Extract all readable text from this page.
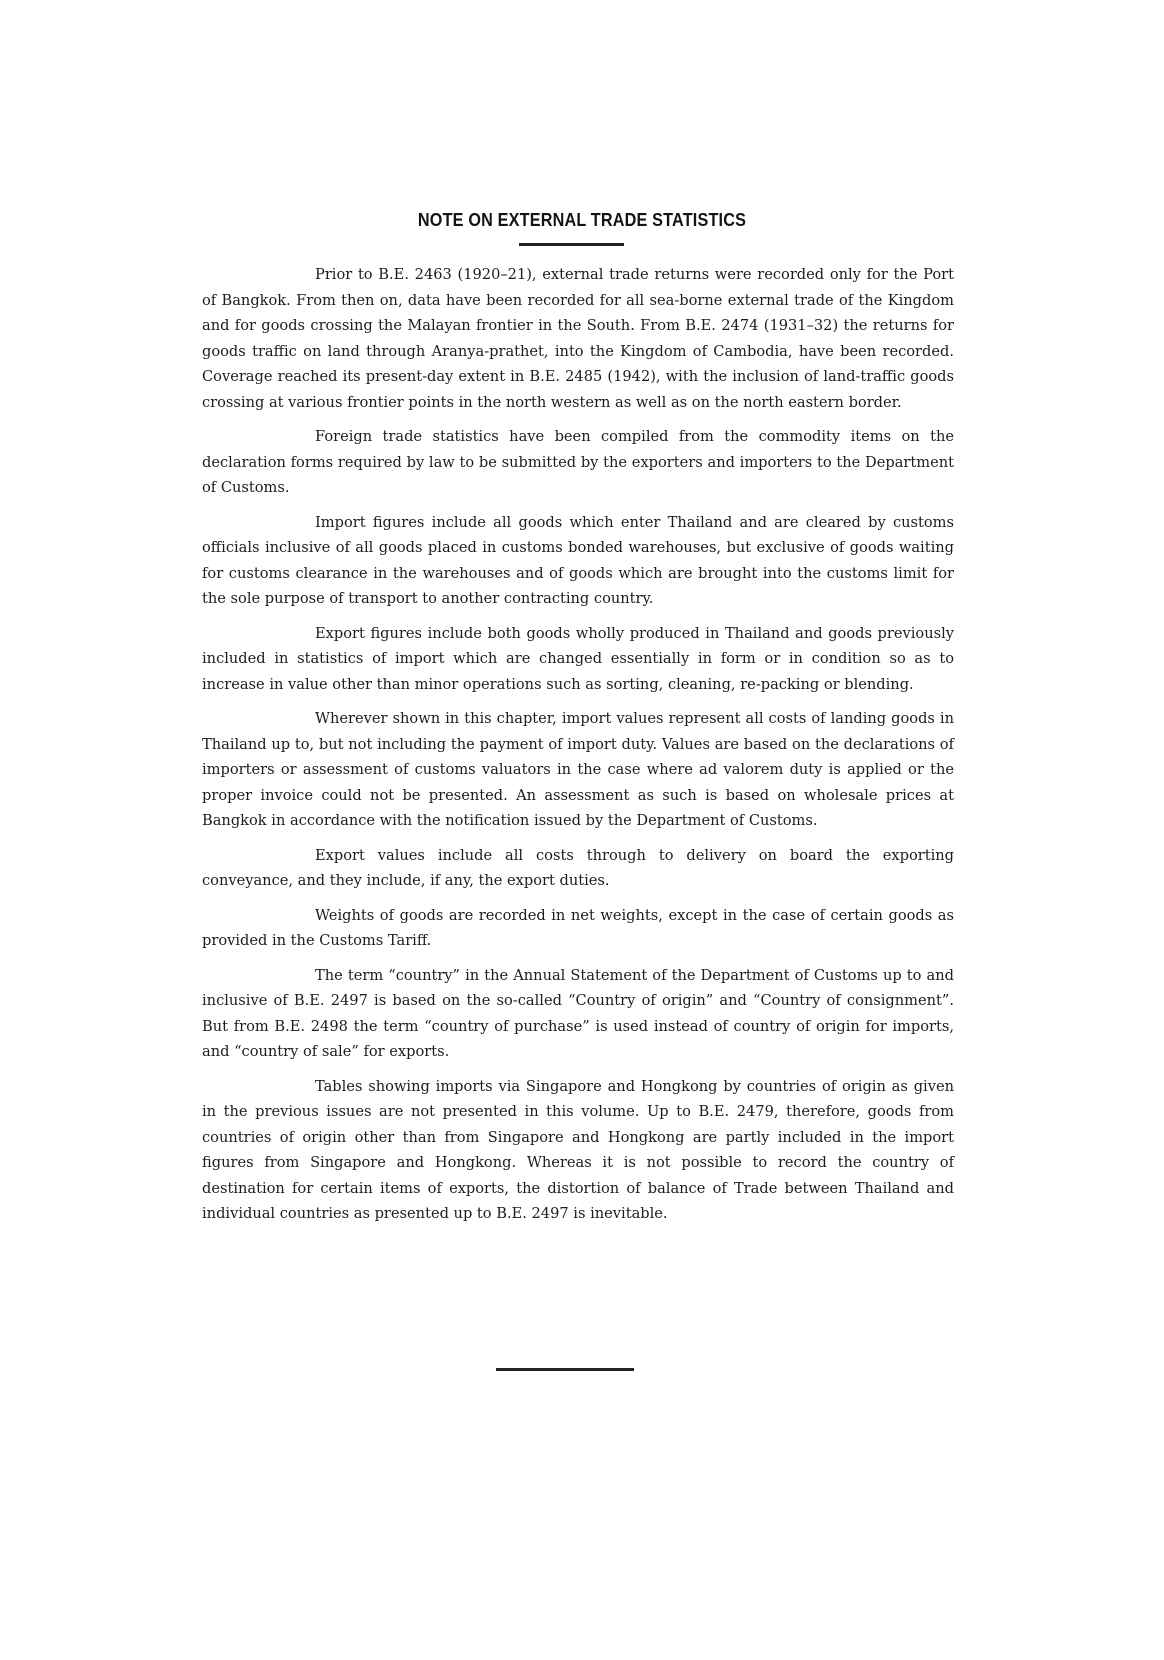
NOTE ON EXTERNAL TRADE STATISTICS

Prior to B.E. 2463 (1920–21), external trade returns were recorded only for the Port of Bangkok. From then on, data have been recorded for all sea-borne external trade of the Kingdom and for goods crossing the Malayan frontier in the South. From B.E. 2474 (1931–32) the returns for goods traffic on land through Aranya-prathet, into the Kingdom of Cambodia, have been recorded. Coverage reached its present-day extent in B.E. 2485 (1942), with the inclusion of land-traffic goods crossing at various frontier points in the north western as well as on the north eastern border.

Foreign trade statistics have been compiled from the commodity items on the declaration forms required by law to be submitted by the exporters and importers to the Department of Customs.

Import figures include all goods which enter Thailand and are cleared by customs officials inclusive of all goods placed in customs bonded warehouses, but exclusive of goods waiting for customs clearance in the warehouses and of goods which are brought into the customs limit for the sole purpose of transport to another contracting country.

Export figures include both goods wholly produced in Thailand and goods previously included in statistics of import which are changed essentially in form or in condition so as to increase in value other than minor operations such as sorting, cleaning, re-packing or blending.

Wherever shown in this chapter, import values represent all costs of landing goods in Thailand up to, but not including the payment of import duty. Values are based on the declarations of importers or assessment of customs valuators in the case where ad valorem duty is applied or the proper invoice could not be presented. An assessment as such is based on wholesale prices at Bangkok in accordance with the notification issued by the Department of Customs.

Export values include all costs through to delivery on board the exporting conveyance, and they include, if any, the export duties.

Weights of goods are recorded in net weights, except in the case of certain goods as provided in the Customs Tariff.

The term “country” in the Annual Statement of the Department of Customs up to and inclusive of B.E. 2497 is based on the so-called “Country of origin” and “Country of consignment”. But from B.E. 2498 the term “country of purchase” is used instead of country of origin for imports, and “country of sale” for exports.

Tables showing imports via Singapore and Hongkong by countries of origin as given in the previous issues are not presented in this volume. Up to B.E. 2479, therefore, goods from countries of origin other than from Singapore and Hongkong are partly included in the import figures from Singapore and Hongkong. Whereas it is not possible to record the country of destination for certain items of exports, the distortion of balance of Trade between Thailand and individual countries as presented up to B.E. 2497 is inevitable.
